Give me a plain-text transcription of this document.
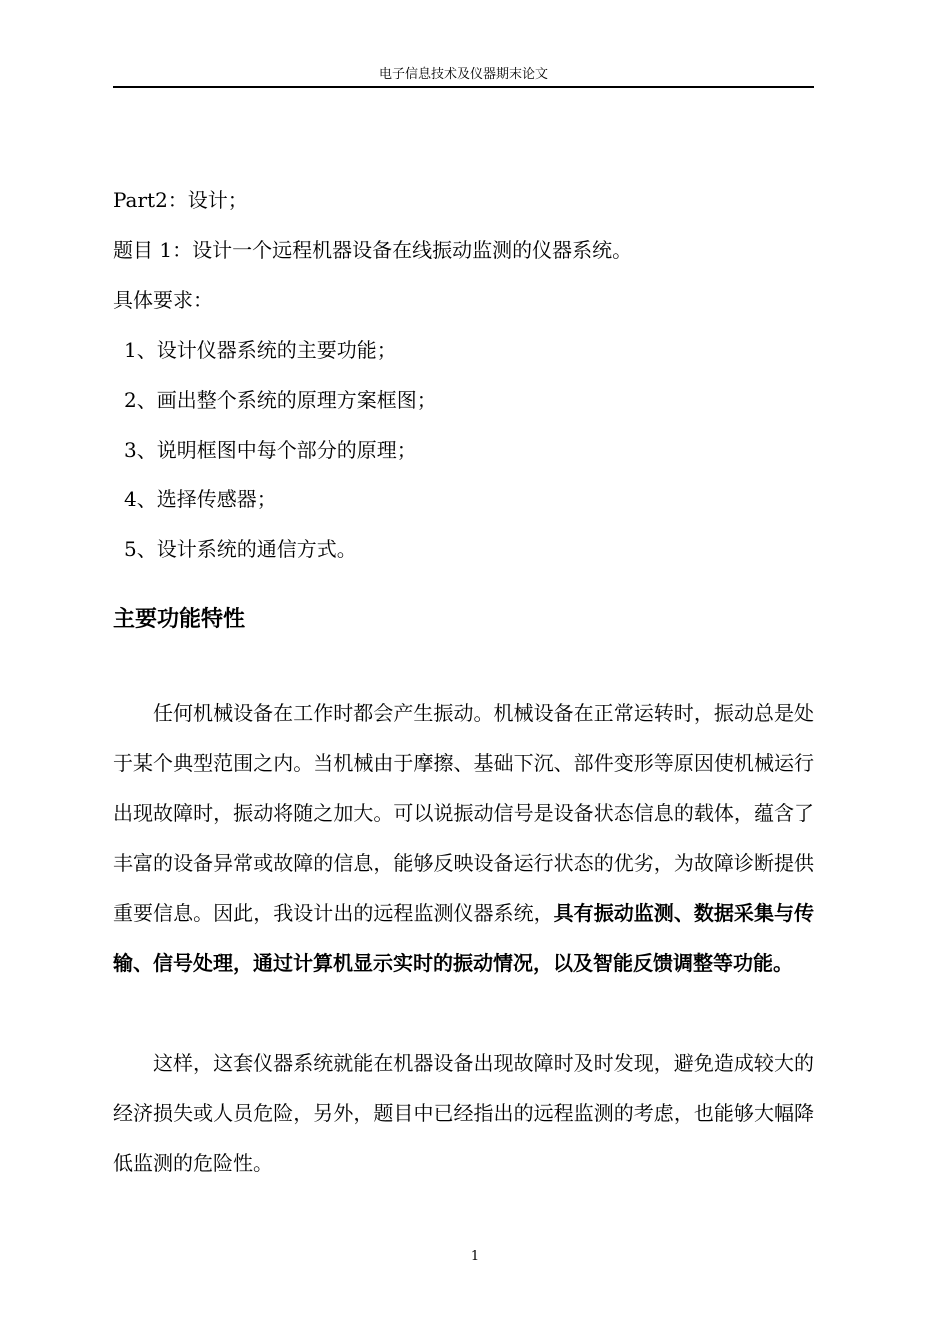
电子信息技术及仪器期末论文
Part2：设计；
题目 1：设计一个远程机器设备在线振动监测的仪器系统。
具体要求：
1、设计仪器系统的主要功能；
2、画出整个系统的原理方案框图；
3、说明框图中每个部分的原理；
4、选择传感器；
5、设计系统的通信方式。
主要功能特性
任何机械设备在工作时都会产生振动。机械设备在正常运转时，振动总是处于某个典型范围之内。当机械由于摩擦、基础下沉、部件变形等原因使机械运行出现故障时，振动将随之加大。可以说振动信号是设备状态信息的载体，蕴含了丰富的设备异常或故障的信息，能够反映设备运行状态的优劣，为故障诊断提供重要信息。因此，我设计出的远程监测仪器系统，具有振动监测、数据采集与传输、信号处理，通过计算机显示实时的振动情况，以及智能反馈调整等功能。
这样，这套仪器系统就能在机器设备出现故障时及时发现，避免造成较大的经济损失或人员危险，另外，题目中已经指出的远程监测的考虑，也能够大幅降低监测的危险性。
1
